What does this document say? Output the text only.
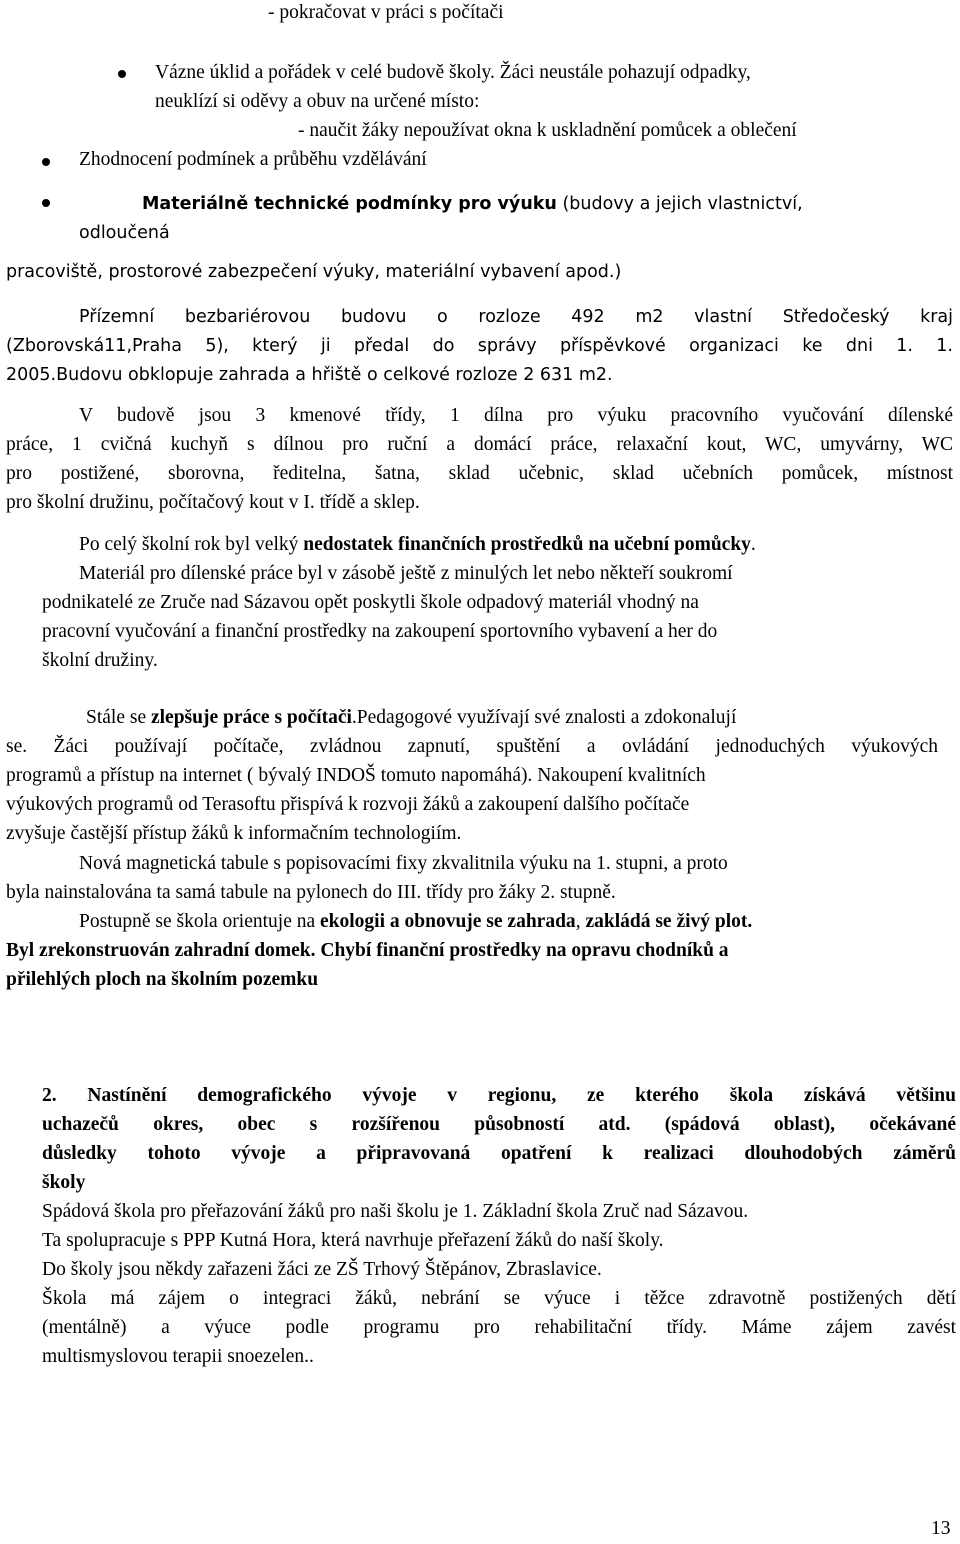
- pokračovat v práci s počítači
Vázne úklid a pořádek v celé budově školy. Žáci neustále pohazují odpadky,
neuklízí si oděvy a obuv na určené místo:
- naučit žáky nepoužívat okna k uskladnění pomůcek a oblečení
Zhodnocení podmínek a průběhu vzdělávání
Materiálně technické podmínky pro výuku (budovy a jejich vlastnictví,
odloučená
pracoviště, prostorové zabezpečení výuky, materiální vybavení apod.)
Přízemní bezbariérovou budovu o rozloze 492 m2 vlastní Středočeský kraj
(Zborovská11,Praha 5), který ji předal do správy příspěvkové organizaci ke dni 1. 1.
2005.Budovu obklopuje zahrada a hřiště o celkové rozloze 2 631 m2.
V budově jsou 3 kmenové třídy, 1 dílna pro výuku pracovního vyučování dílenské
práce, 1 cvičná kuchyň s dílnou pro ruční a domácí práce, relaxační kout, WC, umyvárny, WC
pro postižené, sborovna, ředitelna, šatna, sklad učebnic, sklad učebních pomůcek, místnost
pro školní družinu, počítačový kout v I. třídě a sklep.
Po celý školní rok byl velký nedostatek finančních prostředků na učební pomůcky.
Materiál pro dílenské práce byl v zásobě ještě z minulých let nebo někteří soukromí
podnikatelé ze Zruče nad Sázavou opět poskytli škole odpadový materiál vhodný na
pracovní vyučování a finanční prostředky na zakoupení sportovního vybavení a her do
školní družiny.
Stále se zlepšuje práce s počítači.Pedagogové využívají své znalosti a zdokonalují
se. Žáci používají počítače, zvládnou zapnutí, spuštění a ovládání jednoduchých výukových
programů a přístup na internet ( bývalý INDOŠ tomuto napomáhá). Nakoupení kvalitních
výukových programů od Terasoftu přispívá k rozvoji žáků a zakoupení dalšího počítače
zvyšuje častější přístup žáků k informačním technologiím.
Nová magnetická tabule s popisovacími fixy zkvalitnila výuku na 1. stupni, a proto
byla nainstalována ta samá tabule na pylonech do III. třídy pro žáky 2. stupně.
Postupně se škola orientuje na ekologii a obnovuje se zahrada, zakládá se živý plot.
Byl zrekonstruován zahradní domek. Chybí finanční prostředky na opravu chodníků a
přilehlých ploch na školním pozemku
2. Nastínění demografického vývoje v regionu, ze kterého škola získává většinu
uchazečů okres, obec s rozšířenou působností atd. (spádová oblast), očekávané
důsledky tohoto vývoje a připravovaná opatření k realizaci dlouhodobých záměrů
školy
Spádová škola pro přeřazování žáků pro naši školu je 1. Základní škola Zruč nad Sázavou.
Ta spolupracuje s PPP Kutná Hora, která navrhuje přeřazení žáků do naší školy.
Do školy jsou někdy zařazeni žáci ze ZŠ Trhový Štěpánov, Zbraslavice.
Škola má zájem o integraci žáků, nebrání se výuce i těžce zdravotně postižených dětí
(mentálně) a výuce podle programu pro rehabilitační třídy. Máme zájem zavést
multismyslovou terapii snoezelen..
13
